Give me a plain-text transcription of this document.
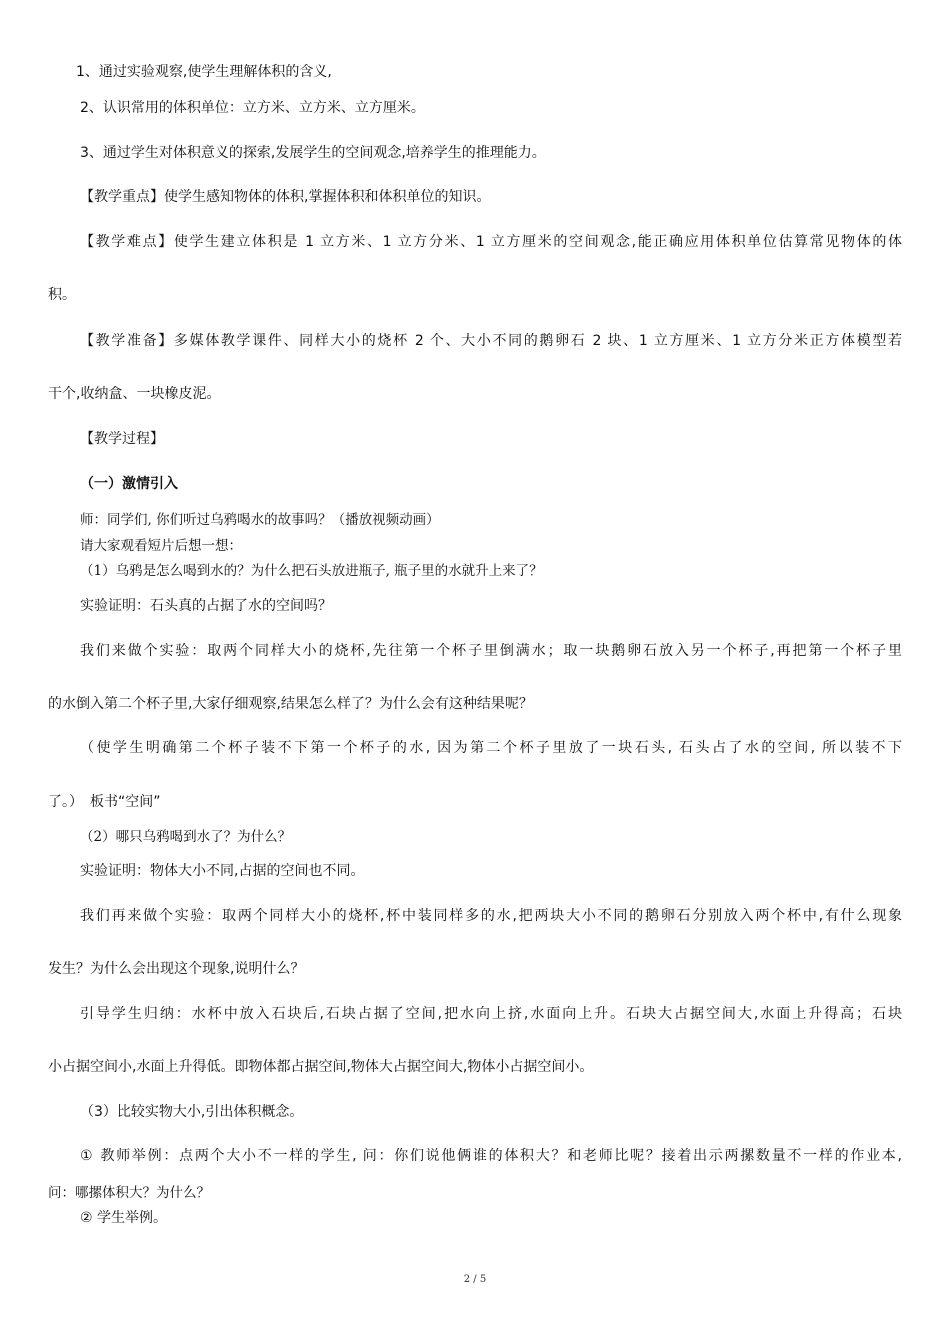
1、通过实验观察,使学生理解体积的含义,
2、认识常用的体积单位：立方米、立方米、立方厘米。
3、通过学生对体积意义的探索,发展学生的空间观念,培养学生的推理能力。
【教学重点】使学生感知物体的体积,掌握体积和体积单位的知识。
【教学难点】使学生建立体积是 1 立方米、1 立方分米、1 立方厘米的空间观念,能正确应用体积单位估算常见物体的体
积。
【教学准备】多媒体教学课件、同样大小的烧杯 2 个、大小不同的鹅卵石 2 块、1 立方厘米、1 立方分米正方体模型若
干个,收纳盒、一块橡皮泥。
【教学过程】
（一）激情引入
师：同学们, 你们听过乌鸦喝水的故事吗？（播放视频动画）
请大家观看短片后想一想：
（1）乌鸦是怎么喝到水的？为什么把石头放进瓶子, 瓶子里的水就升上来了？
实验证明：石头真的占据了水的空间吗？
我们来做个实验：取两个同样大小的烧杯,先往第一个杯子里倒满水；取一块鹅卵石放入另一个杯子,再把第一个杯子里
的水倒入第二个杯子里,大家仔细观察,结果怎么样了？为什么会有这种结果呢？
（使学生明确第二个杯子装不下第一个杯子的水, 因为第二个杯子里放了一块石头, 石头占了水的空间, 所以装不下
了。）　板书“空间”
（2）哪只乌鸦喝到水了？为什么？
实验证明：物体大小不同,占据的空间也不同。
我们再来做个实验：取两个同样大小的烧杯,杯中装同样多的水,把两块大小不同的鹅卵石分别放入两个杯中,有什么现象
发生？为什么会出现这个现象,说明什么？
引导学生归纳：水杯中放入石块后,石块占据了空间,把水向上挤,水面向上升。石块大占据空间大,水面上升得高；石块
小占据空间小,水面上升得低。即物体都占据空间,物体大占据空间大,物体小占据空间小。
（3）比较实物大小,引出体积概念。
① 教师举例：点两个大小不一样的学生, 问：你们说他俩谁的体积大？和老师比呢？接着出示两摞数量不一样的作业本,
问：哪摞体积大？为什么？
② 学生举例。
2 / 5
